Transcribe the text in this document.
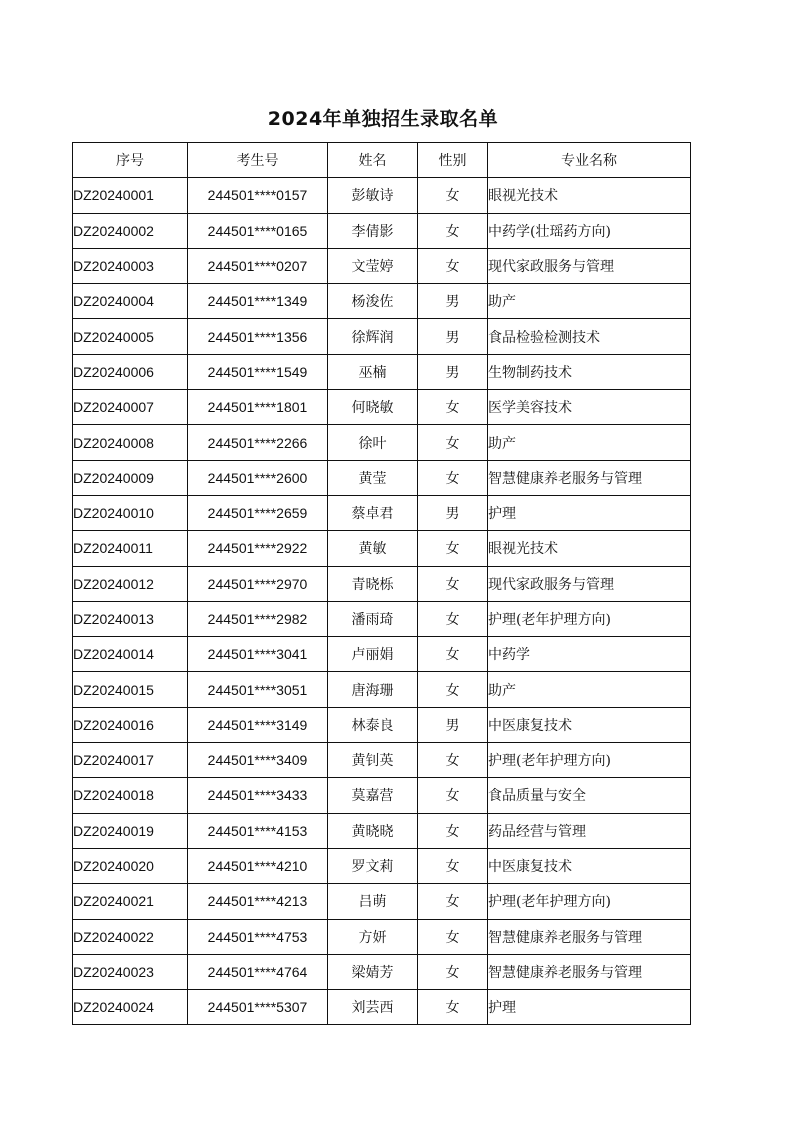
2024年单独招生录取名单
序号	考生号	姓名	性别	专业名称
DZ20240001	244501****0157	彭敏诗	女	眼视光技术
DZ20240002	244501****0165	李倩影	女	中药学(壮瑶药方向)
DZ20240003	244501****0207	文莹婷	女	现代家政服务与管理
DZ20240004	244501****1349	杨浚佐	男	助产
DZ20240005	244501****1356	徐辉润	男	食品检验检测技术
DZ20240006	244501****1549	巫楠	男	生物制药技术
DZ20240007	244501****1801	何晓敏	女	医学美容技术
DZ20240008	244501****2266	徐叶	女	助产
DZ20240009	244501****2600	黄莹	女	智慧健康养老服务与管理
DZ20240010	244501****2659	蔡卓君	男	护理
DZ20240011	244501****2922	黄敏	女	眼视光技术
DZ20240012	244501****2970	青晓栎	女	现代家政服务与管理
DZ20240013	244501****2982	潘雨琦	女	护理(老年护理方向)
DZ20240014	244501****3041	卢丽娟	女	中药学
DZ20240015	244501****3051	唐海珊	女	助产
DZ20240016	244501****3149	林泰良	男	中医康复技术
DZ20240017	244501****3409	黄钊英	女	护理(老年护理方向)
DZ20240018	244501****3433	莫嘉营	女	食品质量与安全
DZ20240019	244501****4153	黄晓晓	女	药品经营与管理
DZ20240020	244501****4210	罗文莉	女	中医康复技术
DZ20240021	244501****4213	吕萌	女	护理(老年护理方向)
DZ20240022	244501****4753	方妍	女	智慧健康养老服务与管理
DZ20240023	244501****4764	梁婧芳	女	智慧健康养老服务与管理
DZ20240024	244501****5307	刘芸西	女	护理
